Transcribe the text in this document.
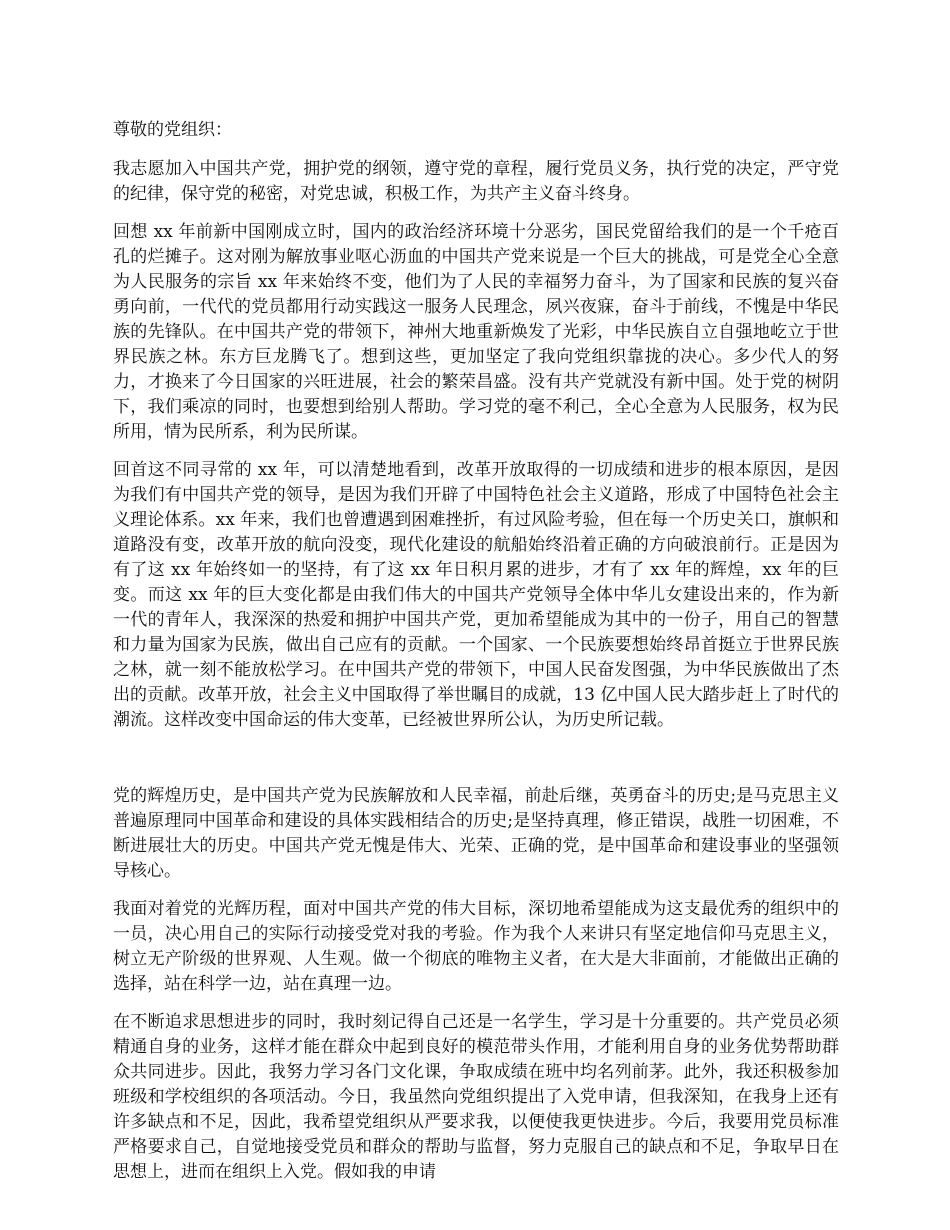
尊敬的党组织：

我志愿加入中国共产党，拥护党的纲领，遵守党的章程，履行党员义务，执行党的决定，严守党的纪律，保守党的秘密，对党忠诚，积极工作，为共产主义奋斗终身。

回想 xx 年前新中国刚成立时，国内的政治经济环境十分恶劣，国民党留给我们的是一个千疮百孔的烂摊子。这对刚为解放事业呕心沥血的中国共产党来说是一个巨大的挑战，可是党全心全意为人民服务的宗旨 xx 年来始终不变，他们为了人民的幸福努力奋斗，为了国家和民族的复兴奋勇向前，一代代的党员都用行动实践这一服务人民理念，夙兴夜寐，奋斗于前线，不愧是中华民族的先锋队。在中国共产党的带领下，神州大地重新焕发了光彩，中华民族自立自强地屹立于世界民族之林。东方巨龙腾飞了。想到这些，更加坚定了我向党组织靠拢的决心。多少代人的努力，才换来了今日国家的兴旺进展，社会的繁荣昌盛。没有共产党就没有新中国。处于党的树阴下，我们乘凉的同时，也要想到给别人帮助。学习党的毫不利己，全心全意为人民服务，权为民所用，情为民所系，利为民所谋。

回首这不同寻常的 xx 年，可以清楚地看到，改革开放取得的一切成绩和进步的根本原因，是因为我们有中国共产党的领导，是因为我们开辟了中国特色社会主义道路，形成了中国特色社会主义理论体系。xx 年来，我们也曾遭遇到困难挫折，有过风险考验，但在每一个历史关口，旗帜和道路没有变，改革开放的航向没变，现代化建设的航船始终沿着正确的方向破浪前行。正是因为有了这 xx 年始终如一的坚持，有了这 xx 年日积月累的进步，才有了 xx 年的辉煌，xx 年的巨变。而这 xx 年的巨大变化都是由我们伟大的中国共产党领导全体中华儿女建设出来的，作为新一代的青年人，我深深的热爱和拥护中国共产党，更加希望能成为其中的一份子，用自己的智慧和力量为国家为民族，做出自己应有的贡献。一个国家、一个民族要想始终昂首挺立于世界民族之林，就一刻不能放松学习。在中国共产党的带领下，中国人民奋发图强，为中华民族做出了杰出的贡献。改革开放，社会主义中国取得了举世瞩目的成就，13 亿中国人民大踏步赶上了时代的潮流。这样改变中国命运的伟大变革，已经被世界所公认，为历史所记载。

党的辉煌历史，是中国共产党为民族解放和人民幸福，前赴后继，英勇奋斗的历史;是马克思主义普遍原理同中国革命和建设的具体实践相结合的历史;是坚持真理，修正错误，战胜一切困难，不断进展壮大的历史。中国共产党无愧是伟大、光荣、正确的党，是中国革命和建设事业的坚强领导核心。

我面对着党的光辉历程，面对中国共产党的伟大目标，深切地希望能成为这支最优秀的组织中的一员，决心用自己的实际行动接受党对我的考验。作为我个人来讲只有坚定地信仰马克思主义，树立无产阶级的世界观、人生观。做一个彻底的唯物主义者，在大是大非面前，才能做出正确的选择，站在科学一边，站在真理一边。

在不断追求思想进步的同时，我时刻记得自己还是一名学生，学习是十分重要的。共产党员必须精通自身的业务，这样才能在群众中起到良好的模范带头作用，才能利用自身的业务优势帮助群众共同进步。因此，我努力学习各门文化课，争取成绩在班中均名列前茅。此外，我还积极参加班级和学校组织的各项活动。今日，我虽然向党组织提出了入党申请，但我深知，在我身上还有许多缺点和不足，因此，我希望党组织从严要求我，以便使我更快进步。今后，我要用党员标准严格要求自己，自觉地接受党员和群众的帮助与监督，努力克服自己的缺点和不足，争取早日在思想上，进而在组织上入党。假如我的申请
